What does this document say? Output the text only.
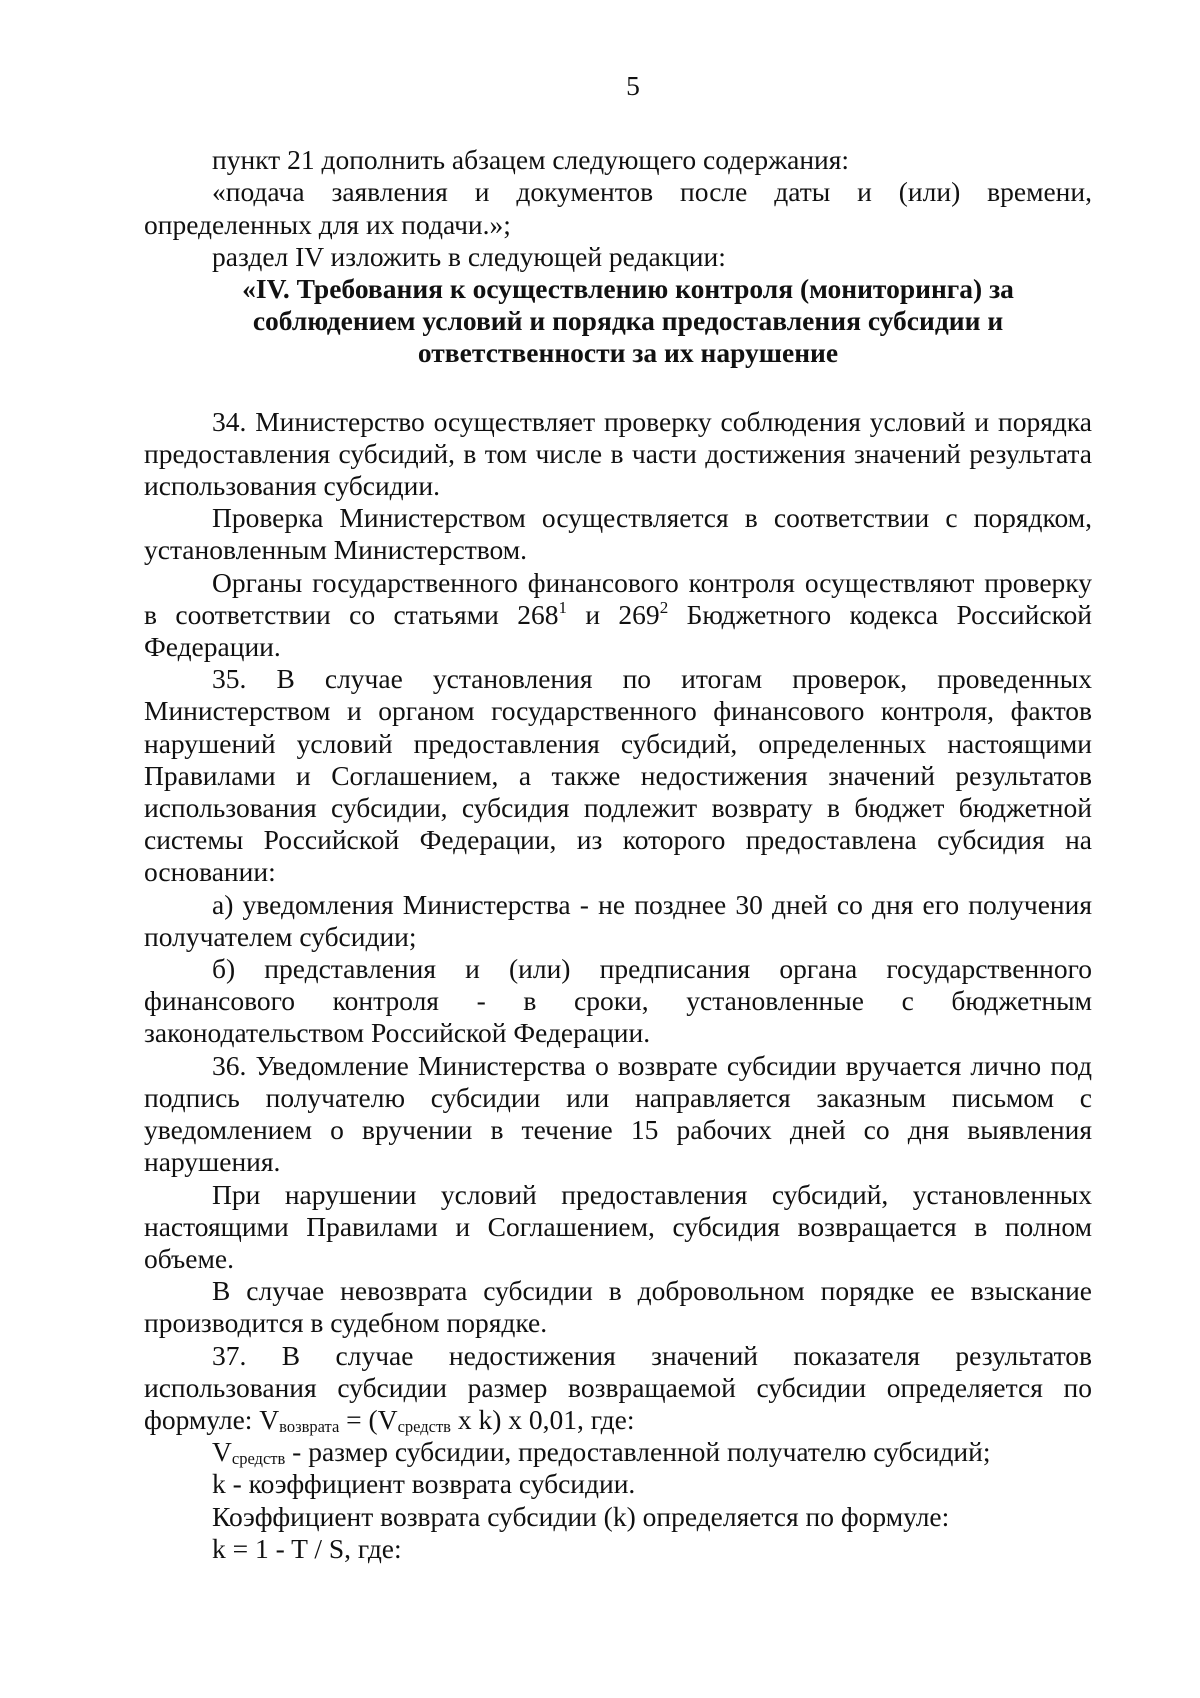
5

пункт 21 дополнить абзацем следующего содержания:

«подача заявления и документов после даты и (или) времени, определенных для их подачи.»;

раздел IV изложить в следующей редакции:

«IV. Требования к осуществлению контроля (мониторинга) за
соблюдением условий и порядка предоставления субсидии и
ответственности за их нарушение

34. Министерство осуществляет проверку соблюдения условий и порядка предоставления субсидий, в том числе в части достижения значений результата использования субсидии.

Проверка Министерством осуществляется в соответствии с порядком, установленным Министерством.

Органы государственного финансового контроля осуществляют проверку в соответствии со статьями $268^1$ и $269^2$ Бюджетного кодекса Российской Федерации.

35. В случае установления по итогам проверок, проведенных Министерством и органом государственного финансового контроля, фактов нарушений условий предоставления субсидий, определенных настоящими Правилами и Соглашением, а также недостижения значений результатов использования субсидии, субсидия подлежит возврату в бюджет бюджетной системы Российской Федерации, из которого предоставлена субсидия на основании:

а) уведомления Министерства - не позднее 30 дней со дня его получения получателем субсидии;

б) представления и (или) предписания органа государственного финансового контроля - в сроки, установленные с бюджетным законодательством Российской Федерации.

36. Уведомление Министерства о возврате субсидии вручается лично под подпись получателю субсидии или направляется заказным письмом с уведомлением о вручении в течение 15 рабочих дней со дня выявления нарушения.

При нарушении условий предоставления субсидий, установленных настоящими Правилами и Соглашением, субсидия возвращается в полном объеме.

В случае невозврата субсидии в добровольном порядке ее взыскание производится в судебном порядке.

37. В случае недостижения значений показателя результатов использования субсидии размер возвращаемой субсидии определяется по формуле: $V_{возврата} = (V_{средств}$ x k) x 0,01, где:

$V_{средств}$ - размер субсидии, предоставленной получателю субсидий;

k - коэффициент возврата субсидии.

Коэффициент возврата субсидии (k) определяется по формуле:

k = 1 - T / S, где:
